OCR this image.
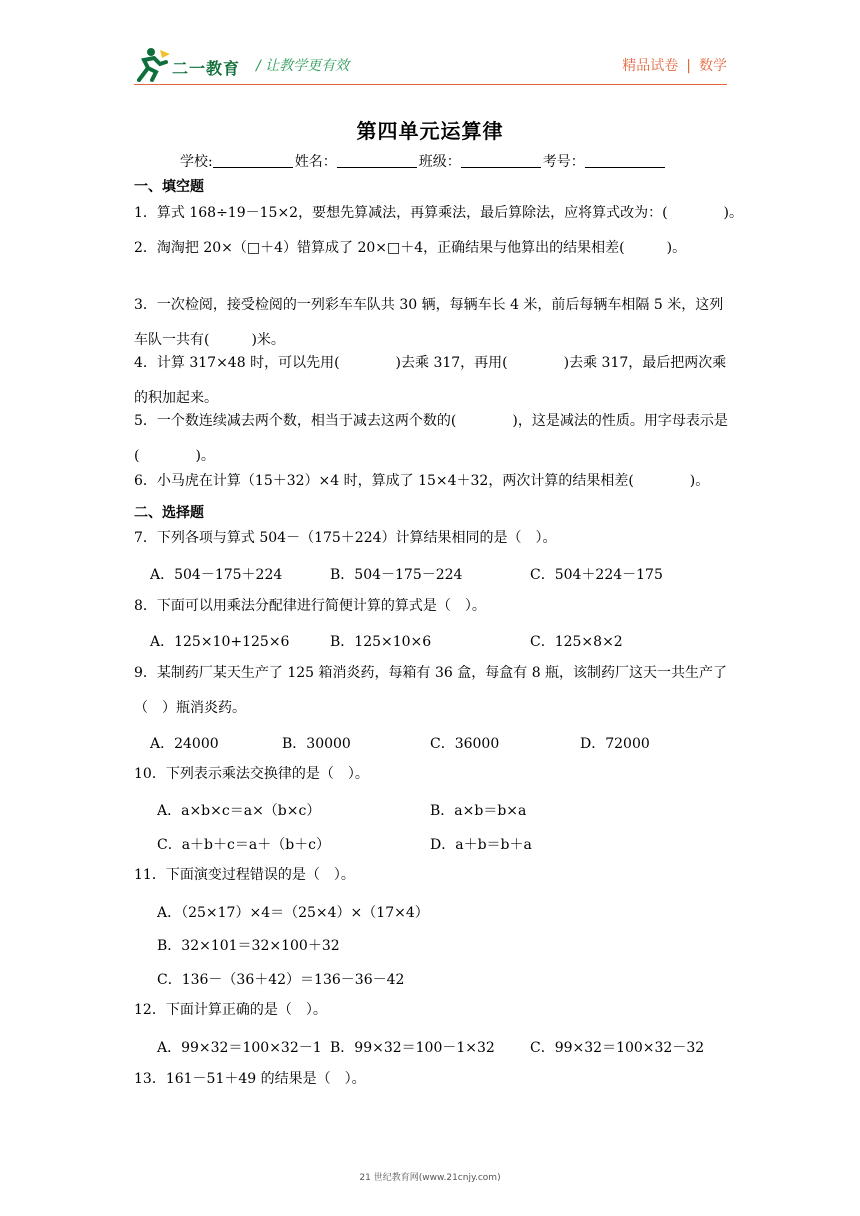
二一教育 / 让教学更有效	精品试卷 | 数学
第四单元运算律
学校:	姓名：	班级：	考号：
一、填空题
1．算式 168÷19－15×2，要想先算减法，再算乘法，最后算除法，应将算式改为：(　　　　)。
2．淘淘把 20×（□＋4）错算成了 20×□＋4，正确结果与他算出的结果相差(　　　)。
3．一次检阅，接受检阅的一列彩车车队共 30 辆，每辆车长 4 米，前后每辆车相隔 5 米，这列车队一共有(　　　)米。
4．计算 317×48 时，可以先用(　　　　)去乘 317，再用(　　　　)去乘 317，最后把两次乘的积加起来。
5．一个数连续减去两个数，相当于减去这两个数的(　　　　)，这是减法的性质。用字母表示是(　　　　)。
6．小马虎在计算（15＋32）×4 时，算成了 15×4＋32，两次计算的结果相差(　　　　)。
二、选择题
7．下列各项与算式 504－（175＋224）计算结果相同的是（　）。
A．504－175＋224	B．504－175－224	C．504＋224－175
8．下面可以用乘法分配律进行简便计算的算式是（　）。
A．125×10+125×6	B．125×10×6	C．125×8×2
9．某制药厂某天生产了 125 箱消炎药，每箱有 36 盒，每盒有 8 瓶，该制药厂这天一共生产了（　）瓶消炎药。
A．24000	B．30000	C．36000	D．72000
10．下列表示乘法交换律的是（　）。
A．a×b×c＝a×（b×c）	B．a×b＝b×a
C．a＋b＋c＝a＋（b＋c）	D．a＋b＝b＋a
11．下面演变过程错误的是（　）。
A．（25×17）×4＝（25×4）×（17×4）
B．32×101＝32×100＋32
C．136－（36＋42）＝136－36－42
12．下面计算正确的是（　）。
A．99×32＝100×32－1 B．99×32＝100－1×32	C．99×32＝100×32－32
13．161－51＋49 的结果是（　）。
21 世纪教育网(www.21cnjy.com)
